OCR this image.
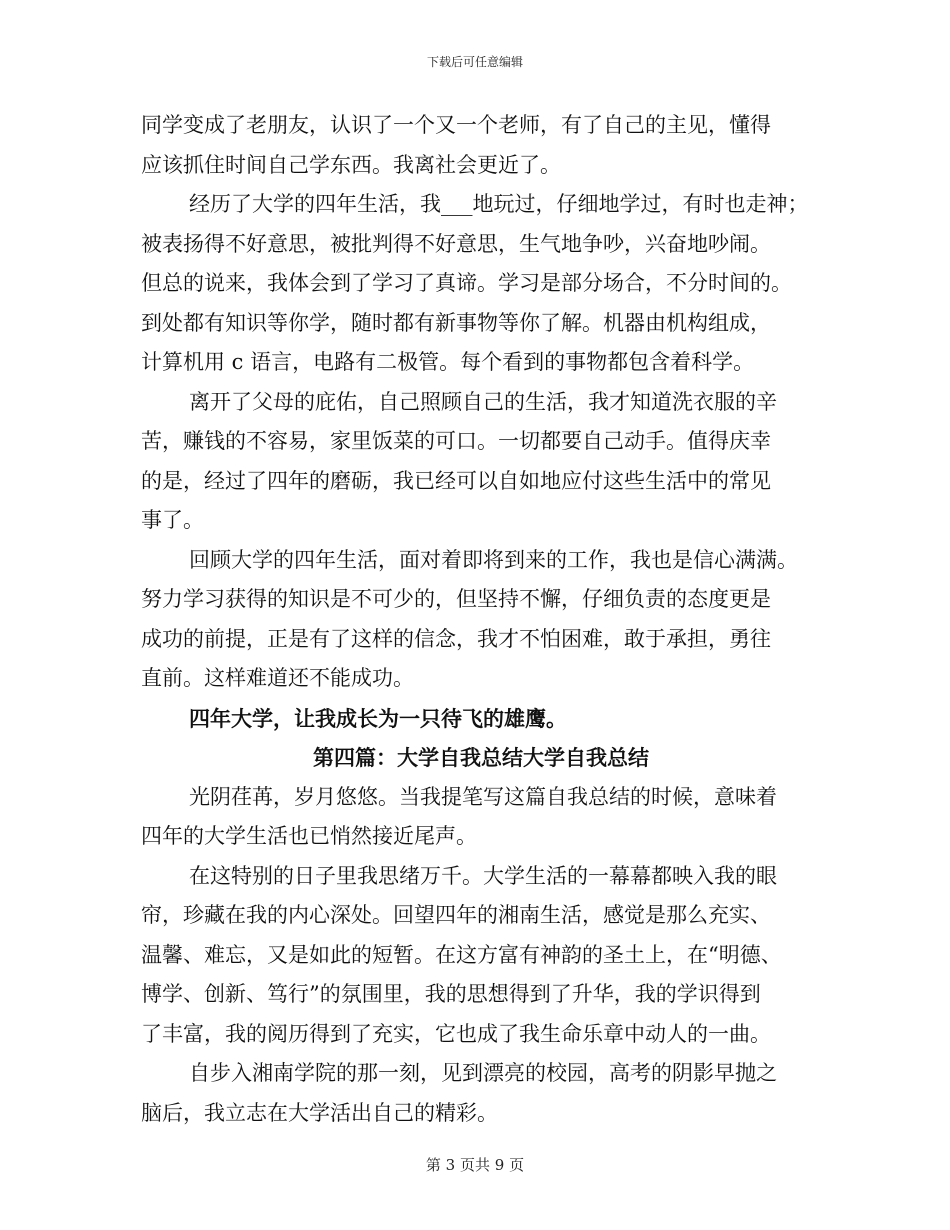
下载后可任意编辑

同学变成了老朋友，认识了一个又一个老师，有了自己的主见，懂得
应该抓住时间自己学东西。我离社会更近了。

经历了大学的四年生活，我___地玩过，仔细地学过，有时也走神；
被表扬得不好意思，被批判得不好意思，生气地争吵，兴奋地吵闹。
但总的说来，我体会到了学习了真谛。学习是部分场合，不分时间的。
到处都有知识等你学，随时都有新事物等你了解。机器由机构组成，
计算机用 c 语言，电路有二极管。每个看到的事物都包含着科学。

离开了父母的庇佑，自己照顾自己的生活，我才知道洗衣服的辛
苦，赚钱的不容易，家里饭菜的可口。一切都要自己动手。值得庆幸
的是，经过了四年的磨砺，我已经可以自如地应付这些生活中的常见
事了。

回顾大学的四年生活，面对着即将到来的工作，我也是信心满满。
努力学习获得的知识是不可少的，但坚持不懈，仔细负责的态度更是
成功的前提，正是有了这样的信念，我才不怕困难，敢于承担，勇往
直前。这样难道还不能成功。

四年大学，让我成长为一只待飞的雄鹰。

第四篇：大学自我总结大学自我总结

光阴荏苒，岁月悠悠。当我提笔写这篇自我总结的时候，意味着
四年的大学生活也已悄然接近尾声。

在这特别的日子里我思绪万千。大学生活的一幕幕都映入我的眼
帘，珍藏在我的内心深处。回望四年的湘南生活，感觉是那么充实、
温馨、难忘，又是如此的短暂。在这方富有神韵的圣土上，在“明德、
博学、创新、笃行”的氛围里，我的思想得到了升华，我的学识得到
了丰富，我的阅历得到了充实，它也成了我生命乐章中动人的一曲。

自步入湘南学院的那一刻，见到漂亮的校园，高考的阴影早抛之
脑后，我立志在大学活出自己的精彩。

第 3 页共 9 页
